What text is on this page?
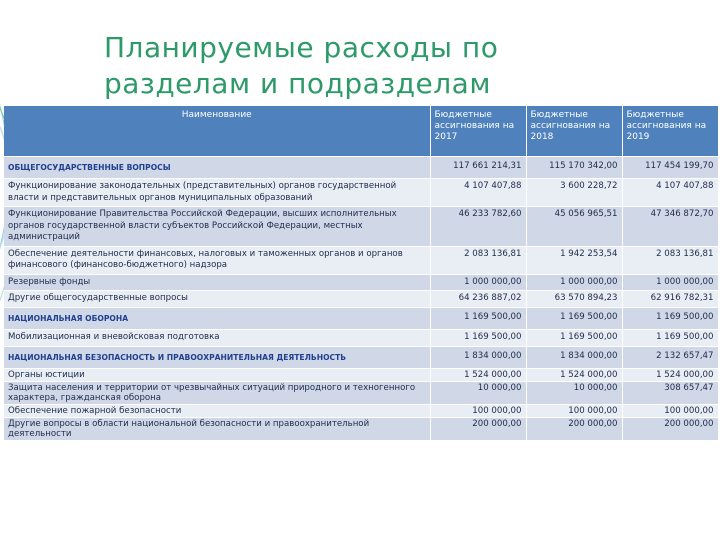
Планируемые расходы по
разделам и подразделам
Наименование	Бюджетные ассигнования на 2017	Бюджетные ассигнования на 2018	Бюджетные ассигнования на 2019
ОБЩЕГОСУДАРСТВЕННЫЕ ВОПРОСЫ	117 661 214,31	115 170 342,00	117 454 199,70
Функционирование законодательных (представительных) органов государственной власти и представительных органов муниципальных образований	4 107 407,88	3 600 228,72	4 107 407,88
Функционирование Правительства Российской Федерации, высших исполнительных органов государственной власти субъектов Российской Федерации, местных администраций	46 233 782,60	45 056 965,51	47 346 872,70
Обеспечение деятельности финансовых, налоговых и таможенных органов и органов финансового (финансово-бюджетного) надзора	2 083 136,81	1 942 253,54	2 083 136,81
Резервные фонды	1 000 000,00	1 000 000,00	1 000 000,00
Другие общегосударственные вопросы	64 236 887,02	63 570 894,23	62 916 782,31
НАЦИОНАЛЬНАЯ ОБОРОНА	1 169 500,00	1 169 500,00	1 169 500,00
Мобилизационная и вневойсковая подготовка	1 169 500,00	1 169 500,00	1 169 500,00
НАЦИОНАЛЬНАЯ БЕЗОПАСНОСТЬ И ПРАВООХРАНИТЕЛЬНАЯ ДЕЯТЕЛЬНОСТЬ	1 834 000,00	1 834 000,00	2 132 657,47
Органы юстиции	1 524 000,00	1 524 000,00	1 524 000,00
Защита населения и территории от чрезвычайных ситуаций природного и техногенного характера, гражданская оборона	10 000,00	10 000,00	308 657,47
Обеспечение пожарной безопасности	100 000,00	100 000,00	100 000,00
Другие вопросы в области национальной безопасности и правоохранительной деятельности	200 000,00	200 000,00	200 000,00
